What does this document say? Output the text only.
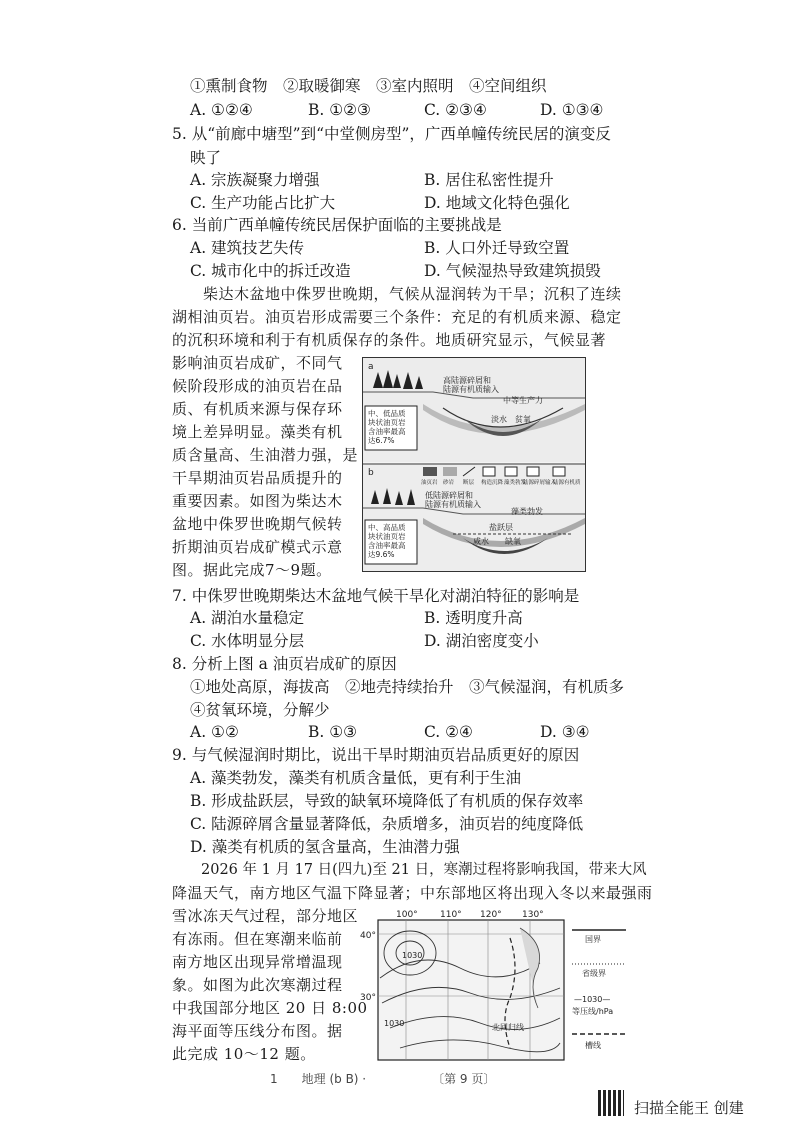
①熏制食物　②取暖御寒　③室内照明　④空间组织
A. ①②④	B. ①②③	C. ②③④	D. ①③④
5. 从“前廊中塘型”到“中堂侧房型”，广西单幢传统民居的演变反
映了
A. 宗族凝聚力增强	B. 居住私密性提升
C. 生产功能占比扩大	D. 地域文化特色强化
6. 当前广西单幢传统民居保护面临的主要挑战是
A. 建筑技艺失传	B. 人口外迁导致空置
C. 城市化中的拆迁改造	D. 气候湿热导致建筑损毁
　　柴达木盆地中侏罗世晚期，气候从湿润转为干旱；沉积了连续
湖相油页岩。油页岩形成需要三个条件：充足的有机质来源、稳定
的沉积环境和利于有机质保存的条件。地质研究显示，气候显著
影响油页岩成矿，不同气
候阶段形成的油页岩在品
质、有机质来源与保存环
境上差异明显。藻类有机
质含量高、生油潜力强，是
干旱期油页岩品质提升的
重要因素。如图为柴达木
盆地中侏罗世晚期气候转
折期油页岩成矿模式示意
图。据此完成7～9题。
a
高陆源碎屑和
陆源有机质输入
中等生产力
淡水　贫氧
中、低品质
块状油页岩
含油率最高
达6.7%
b
油页岩 砂岩 断层 构造沉降 藻类勃发
陆源碎屑输入
陆源有机质
低陆源碎屑和
陆源有机质输入
藻类勃发
盐跃层
咸水　　缺氧
中、高品质
块状油页岩
含油率最高
达9.6%
7. 中侏罗世晚期柴达木盆地气候干旱化对湖泊特征的影响是
A. 湖泊水量稳定	B. 透明度升高
C. 水体明显分层	D. 湖泊密度变小
8. 分析上图 a 油页岩成矿的原因
①地处高原，海拔高　②地壳持续抬升　③气候湿润，有机质多
④贫氧环境，分解少
A. ①②	B. ①③	C. ②④	D. ③④
9. 与气候湿润时期比，说出干旱时期油页岩品质更好的原因
A. 藻类勃发，藻类有机质含量低，更有利于生油
B. 形成盐跃层，导致的缺氧环境降低了有机质的保存效率
C. 陆源碎屑含量显著降低，杂质增多，油页岩的纯度降低
D. 藻类有机质的氢含量高，生油潜力强
　　2026 年 1 月 17 日(四九)至 21 日，寒潮过程将影响我国，带来大风
降温天气，南方地区气温下降显著；中东部地区将出现入冬以来最强雨
雪冰冻天气过程，部分地区
有冻雨。但在寒潮来临前
南方地区出现异常增温现
象。如图为此次寒潮过程
中我国部分地区 20 日 8:00
海平面等压线分布图。据
此完成 10～12 题。
100° 110° 120° 130°
40°
30°
1030
1030	北回归线
国界
省级界
—1030—
等压线/hPa
槽线
1　　地理 (b B) ·　　　　　　〔第 9 页〕
扫描全能王 创建
